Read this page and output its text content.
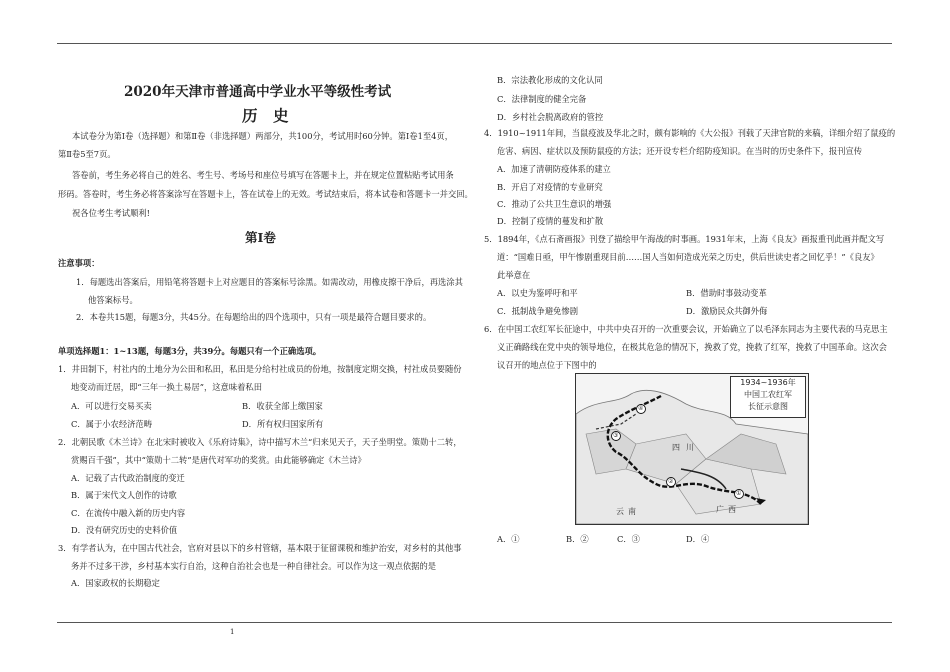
2020年天津市普通高中学业水平等级性考试
历　史
本试卷分为第Ⅰ卷（选择题）和第Ⅱ卷（非选择题）两部分，共100分，考试用时60分钟。第Ⅰ卷1至4页，
第Ⅱ卷5至7页。
答卷前，考生务必将自己的姓名、考生号、考场号和座位号填写在答题卡上，并在规定位置粘贴考试用条
形码。答卷时，考生务必将答案涂写在答题卡上，答在试卷上的无效。考试结束后，将本试卷和答题卡一并交回。
祝各位考生考试顺利!
第Ⅰ卷
注意事项：
1．每题选出答案后，用铅笔将答题卡上对应题目的答案标号涂黑。如需改动，用橡皮擦干净后，再选涂其
他答案标号。
2．本卷共15题，每题3分，共45分。在每题给出的四个选项中，只有一项是最符合题目要求的。
单项选择题1：1~13题，每题3分，共39分。每题只有一个正确选项。
1．井田制下，村社内的土地分为公田和私田，私田是分给村社成员的份地，按制度定期交换，村社成员要随份
地变动而迁居，即“三年一换土易居”，这意味着私田
A．可以进行交易买卖	B．收获全部上缴国家
C．属于小农经济范畴	D．所有权归国家所有
2．北朝民歌《木兰诗》在北宋时被收入《乐府诗集》，诗中描写木兰“归来见天子，天子坐明堂。策勋十二转，
赏赐百千强”，其中“策勋十二转”是唐代对军功的奖赏。由此能够确定《木兰诗》
A．记载了古代政治制度的变迁
B．属于宋代文人创作的诗歌
C．在流传中融入新的历史内容
D．没有研究历史的史料价值
3．有学者认为，在中国古代社会，官府对县以下的乡村管辖，基本限于征留课税和维护治安，对乡村的其他事
务并不过多干涉，乡村基本实行自治，这种自治社会也是一种自律社会。可以作为这一观点依据的是
A．国家政权的长期稳定
B．宗法教化形成的文化认同
C．法律制度的健全完备
D．乡村社会脱离政府的管控
4．1910~1911年间，当鼠疫波及华北之时，颇有影响的《大公报》刊载了天津官院的来稿，详细介绍了鼠疫的
危害、病因、症状以及预防鼠疫的方法；还开设专栏介绍防疫知识。在当时的历史条件下，报刊宣传
A．加速了清朝防疫体系的建立
B．开启了对疫情的专业研究
C．推动了公共卫生意识的增强
D．控制了疫情的蔓发和扩散
5．1894年，《点石斋画报》刊登了描绘甲午海战的时事画。1931年末，上海《良友》画报重刊此画并配文写
道：“国难日亟，甲午惨剧重现目前……国人当如何造成光荣之历史，供后世读史者之回忆乎！”《良友》
此举意在
A．以史为鉴呼吁和平	B．借助时事鼓动变革
C．抵制战争避免惨剧	D．激励民众共御外侮
6．在中国工农红军长征途中，中共中央召开的一次重要会议，开始确立了以毛泽东同志为主要代表的马克思主
义正确路线在党中央的领导地位，在极其危急的情况下，挽救了党，挽救了红军，挽救了中国革命。这次会
议召开的地点位于下图中的
①
②
③
④
四 川
广 西
云 南
1934~1936年
中国工农红军
长征示意图
A．①	B．②	C．③	D．④
1
